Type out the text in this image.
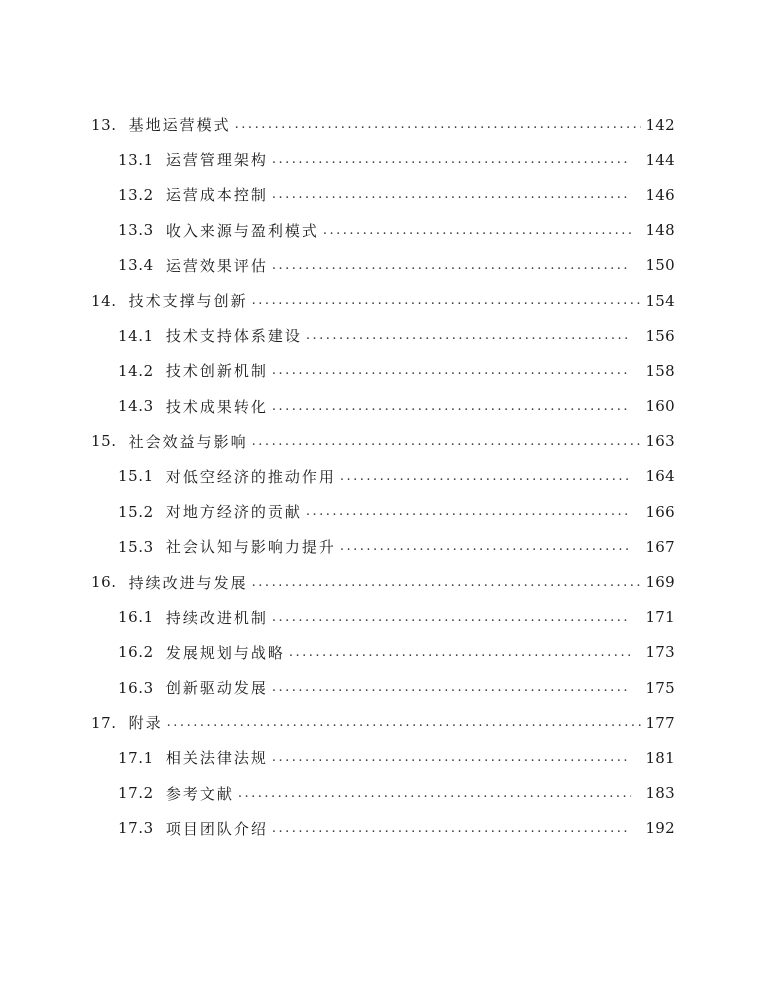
13. 基地运营模式 .....	142
13.1 运营管理架构 .....	144
13.2 运营成本控制 .....	146
13.3 收入来源与盈利模式 .....	148
13.4 运营效果评估 .....	150
14. 技术支撑与创新 .....	154
14.1 技术支持体系建设 .....	156
14.2 技术创新机制 .....	158
14.3 技术成果转化 .....	160
15. 社会效益与影响 .....	163
15.1 对低空经济的推动作用 .....	164
15.2 对地方经济的贡献 .....	166
15.3 社会认知与影响力提升 .....	167
16. 持续改进与发展 .....	169
16.1 持续改进机制 .....	171
16.2 发展规划与战略 .....	173
16.3 创新驱动发展 .....	175
17. 附录 .....	177
17.1 相关法律法规 .....	181
17.2 参考文献 .....	183
17.3 项目团队介绍 .....	192
